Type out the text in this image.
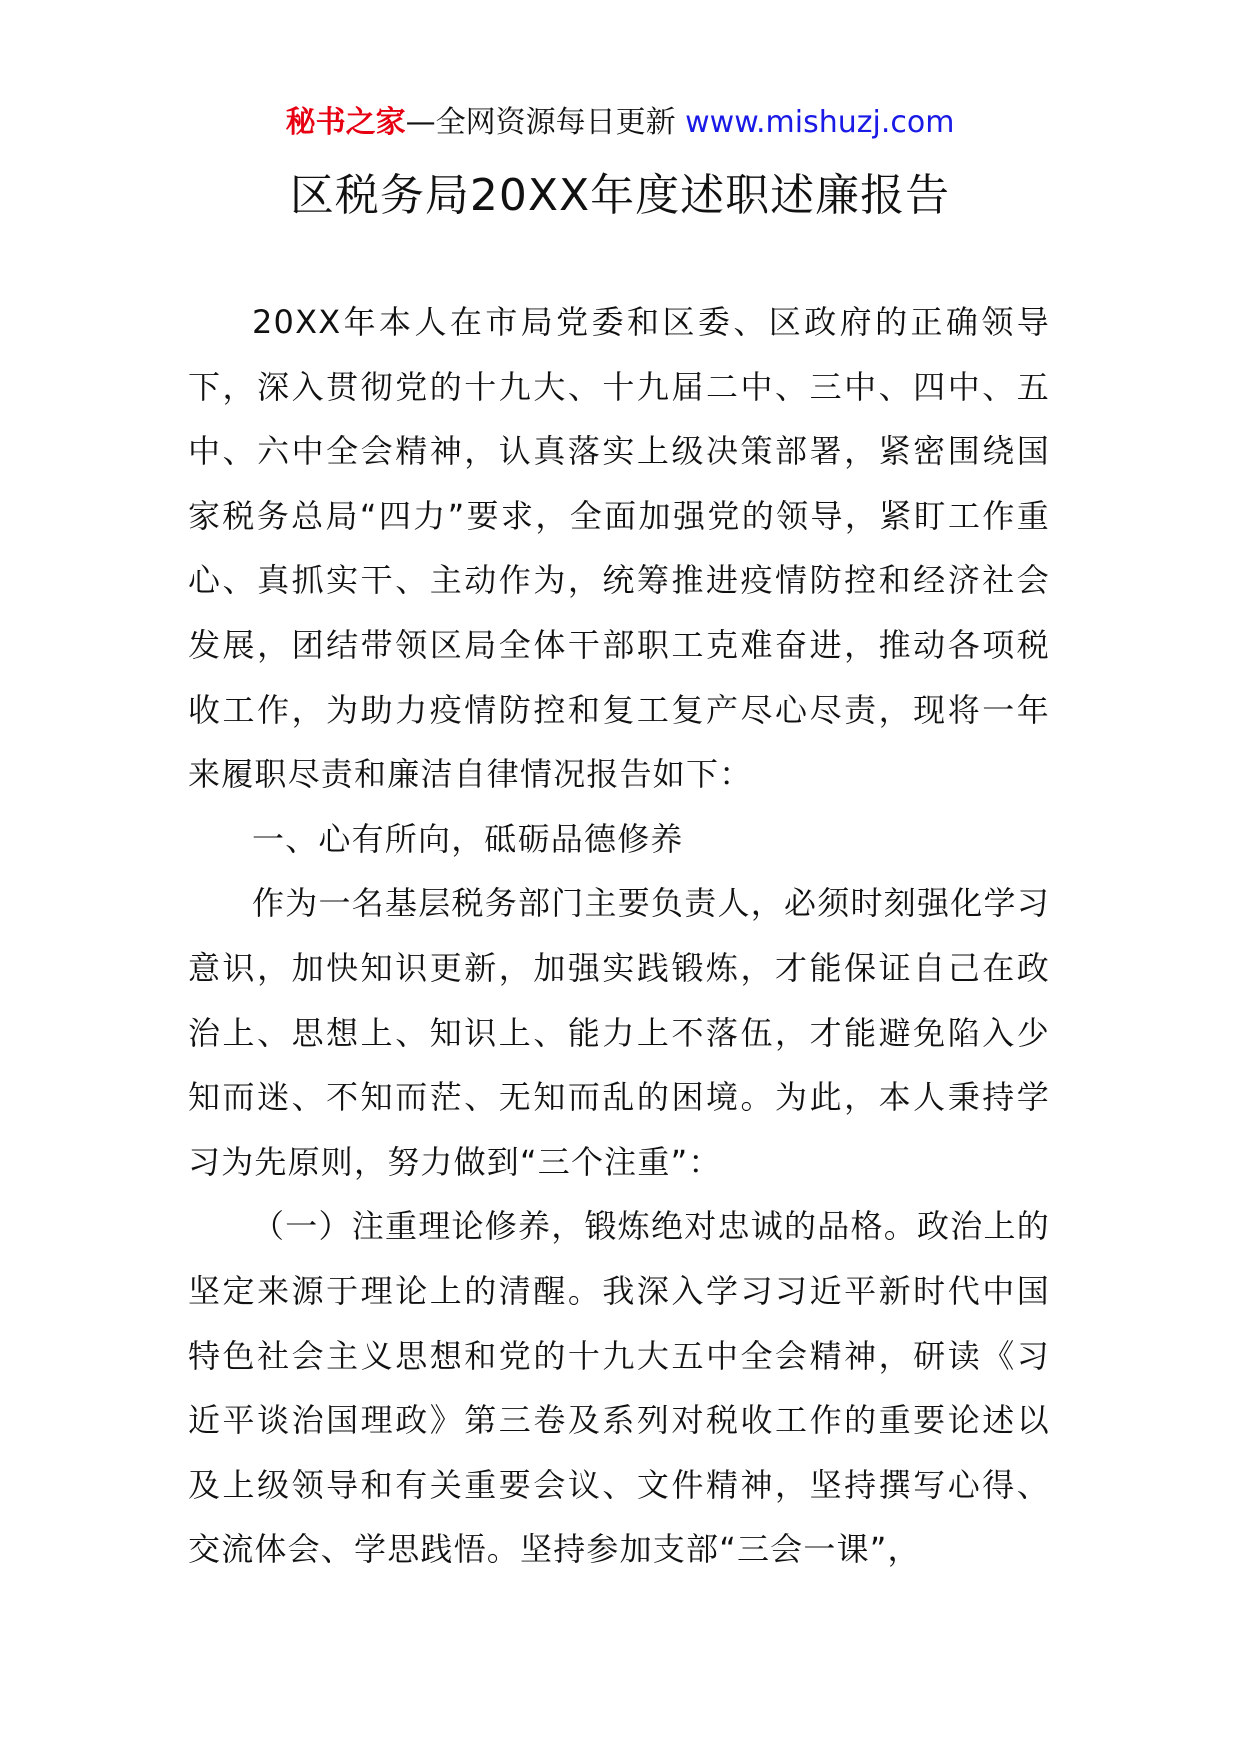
秘书之家—全网资源每日更新 www.mishuzj.com
区税务局20XX年度述职述廉报告

20XX年本人在市局党委和区委、区政府的正确领导下，深入贯彻党的十九大、十九届二中、三中、四中、五中、六中全会精神，认真落实上级决策部署，紧密围绕国家税务总局“四力”要求，全面加强党的领导，紧盯工作重心、真抓实干、主动作为，统筹推进疫情防控和经济社会发展，团结带领区局全体干部职工克难奋进，推动各项税收工作，为助力疫情防控和复工复产尽心尽责，现将一年来履职尽责和廉洁自律情况报告如下：

一、心有所向，砥砺品德修养

作为一名基层税务部门主要负责人，必须时刻强化学习意识，加快知识更新，加强实践锻炼，才能保证自己在政治上、思想上、知识上、能力上不落伍，才能避免陷入少知而迷、不知而茫、无知而乱的困境。为此，本人秉持学习为先原则，努力做到“三个注重”：

（一）注重理论修养，锻炼绝对忠诚的品格。政治上的坚定来源于理论上的清醒。我深入学习习近平新时代中国特色社会主义思想和党的十九大五中全会精神，研读《习近平谈治国理政》第三卷及系列对税收工作的重要论述以及上级领导和有关重要会议、文件精神，坚持撰写心得、交流体会、学思践悟。坚持参加支部“三会一课”，
